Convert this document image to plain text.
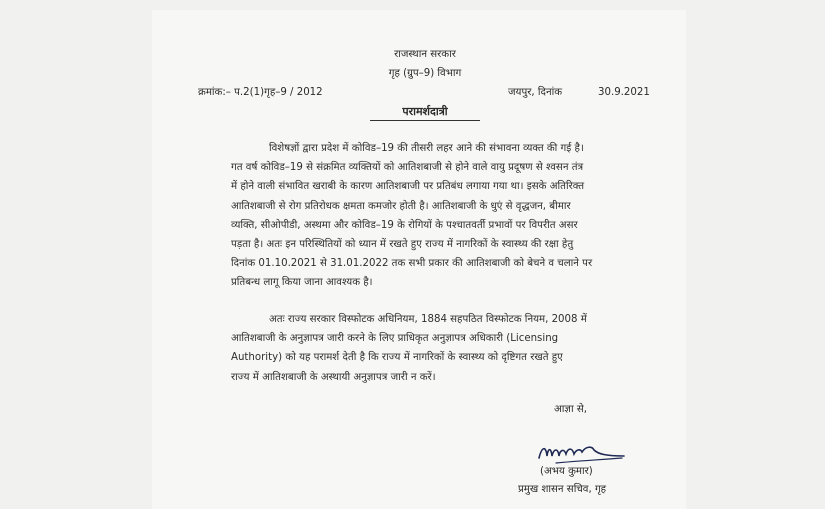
राजस्थान सरकार
गृह (ग्रुप–9) विभाग
क्रमांक:– प.2(1)गृह–9 / 2012	जयपुर, दिनांक	30.9.2021
परामर्शदात्री
विशेषज्ञों द्वारा प्रदेश में कोविड–19 की तीसरी लहर आने की संभावना व्यक्त की गई है।
गत वर्ष कोविड–19 से संक्रमित व्यक्तियों को आतिशबाजी से होने वाले वायु प्रदूषण से श्वसन तंत्र
में होने वाली संभावित खराबी के कारण आतिशबाजी पर प्रतिबंध लगाया गया था। इसके अतिरिक्त
आतिशबाजी से रोग प्रतिरोधक क्षमता कमजोर होती है। आतिशबाजी के धुएं से वृद्धजन, बीमार
व्यक्ति, सीओपीडी, अस्थमा और कोविड–19 के रोगियों के पश्चातवर्ती प्रभावों पर विपरीत असर
पड़ता है। अतः इन परिस्थितियों को ध्यान में रखते हुए राज्य में नागरिकों के स्वास्थ्य की रक्षा हेतु
दिनांक 01.10.2021 से 31.01.2022 तक सभी प्रकार की आतिशबाजी को बेचने व चलाने पर
प्रतिबन्ध लागू किया जाना आवश्यक है।
अतः राज्य सरकार विस्फोटक अधिनियम, 1884 सहपठित विस्फोटक नियम, 2008 में
आतिशबाजी के अनुज्ञापत्र जारी करने के लिए प्राधिकृत अनुज्ञापत्र अधिकारी (Licensing
Authority) को यह परामर्श देती है कि राज्य में नागरिकों के स्वास्थ्य को दृष्टिगत रखते हुए
राज्य में आतिशबाजी के अस्थायी अनुज्ञापत्र जारी न करें।
आज्ञा से,
(अभय कुमार)
प्रमुख शासन सचिव, गृह
